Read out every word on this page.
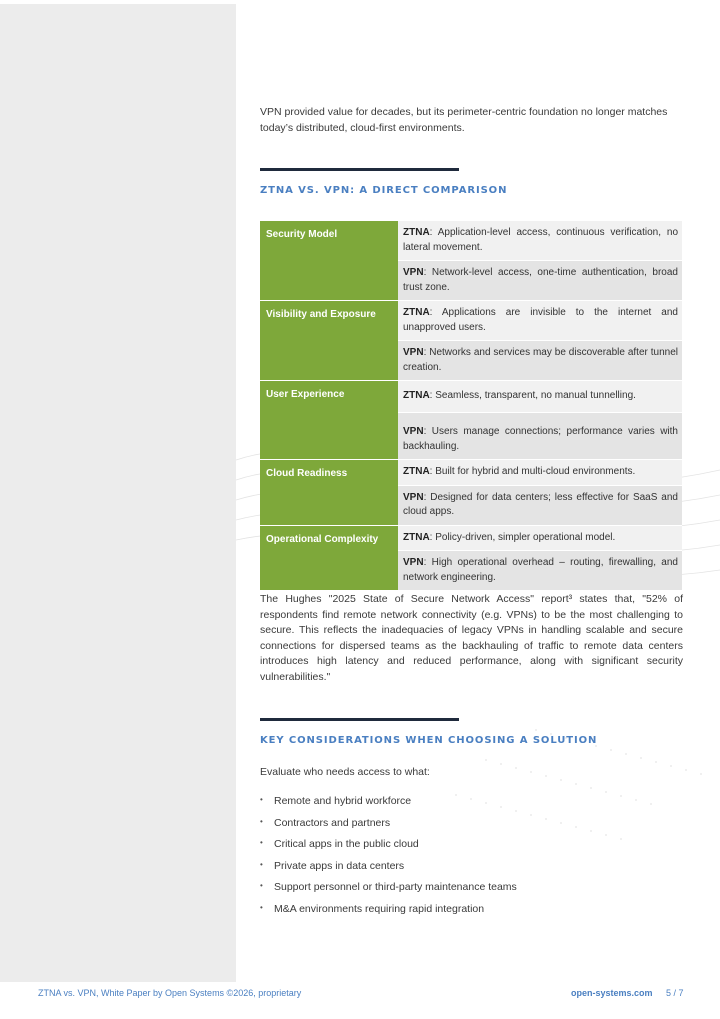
VPN provided value for decades, but its perimeter-centric foundation no longer matches today’s distributed, cloud-first environments.

ZTNA VS. VPN: A DIRECT COMPARISON
Security Model	ZTNA: Application-level access, continuous verification, no lateral movement.
	VPN: Network-level access, one-time authentication, broad trust zone.
Visibility and Exposure	ZTNA: Applications are invisible to the internet and unapproved users.
	VPN: Networks and services may be discoverable after tunnel creation.
User Experience	ZTNA: Seamless, transparent, no manual tunnelling.
	VPN: Users manage connections; performance varies with backhauling.
Cloud Readiness	ZTNA: Built for hybrid and multi-cloud environments.
	VPN: Designed for data centers; less effective for SaaS and cloud apps.
Operational Complexity	ZTNA: Policy-driven, simpler operational model.
	VPN: High operational overhead – routing, firewalling, and network engineering.

The Hughes "2025 State of Secure Network Access" report³ states that, "52% of respondents find remote network connectivity (e.g. VPNs) to be the most challenging to secure. This reflects the inadequacies of legacy VPNs in handling scalable and secure connections for dispersed teams as the backhauling of traffic to remote data centers introduces high latency and reduced performance, along with significant security vulnerabilities."

KEY CONSIDERATIONS WHEN CHOOSING A SOLUTION

Evaluate who needs access to what:

• Remote and hybrid workforce
• Contractors and partners
• Critical apps in the public cloud
• Private apps in data centers
• Support personnel or third-party maintenance teams
• M&A environments requiring rapid integration
ZTNA vs. VPN, White Paper by Open Systems ©2026, proprietary	open-systems.com 5 / 7
